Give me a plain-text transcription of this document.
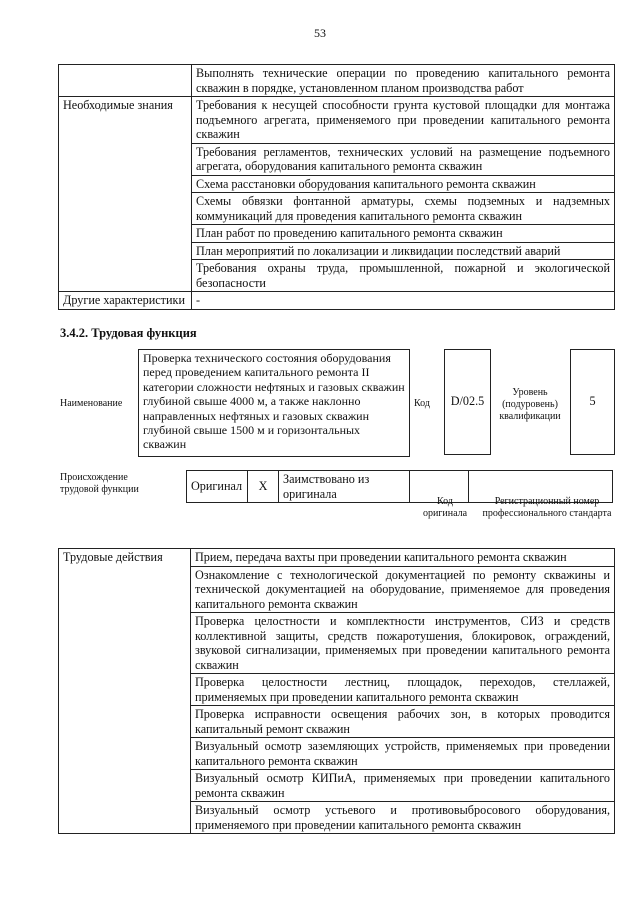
53
	Выполнять технические операции по проведению капитального ремонта скважин в порядке, установленном планом производства работ
Необходимые знания	Требования к несущей способности грунта кустовой площадки для монтажа подъемного агрегата, применяемого при проведении капитального ремонта скважин
	Требования регламентов, технических условий на размещение подъемного агрегата, оборудования капитального ремонта скважин
	Схема расстановки оборудования капитального ремонта скважин
	Схемы обвязки фонтанной арматуры, схемы подземных и надземных коммуникаций для проведения капитального ремонта скважин
	План работ по проведению капитального ремонта скважин
	План мероприятий по локализации и ликвидации последствий аварий
	Требования охраны труда, промышленной, пожарной и экологической безопасности
Другие характеристики	-
3.4.2. Трудовая функция
Наименование
Проверка технического состояния оборудования перед проведением капитального ремонта II категории сложности нефтяных и газовых скважин глубиной свыше 4000 м, а также наклонно направленных нефтяных и газовых скважин глубиной свыше 1500 м и горизонтальных скважин
Код	D/02.5
Уровень (подуровень) квалификации
5
Происхождение трудовой функции	Оригинал	X	Заимствовано из оригинала		
Код оригинала
Регистрационный номер профессионального стандарта
Трудовые действия	Прием, передача вахты при проведении капитального ремонта скважин
Ознакомление с технологической документацией по ремонту скважины и технической документацией на оборудование, применяемое для проведения капитального ремонта скважин
Проверка целостности и комплектности инструментов, СИЗ и средств коллективной защиты, средств пожаротушения, блокировок, ограждений, звуковой сигнализации, применяемых при проведении капитального ремонта скважин
Проверка целостности лестниц, площадок, переходов, стеллажей, применяемых при проведении капитального ремонта скважин
Проверка исправности освещения рабочих зон, в которых проводится капитальный ремонт скважин
Визуальный осмотр заземляющих устройств, применяемых при проведении капитального ремонта скважин
Визуальный осмотр КИПиА, применяемых при проведении капитального ремонта скважин
Визуальный осмотр устьевого и противовыбросового оборудования, применяемого при проведении капитального ремонта скважин
